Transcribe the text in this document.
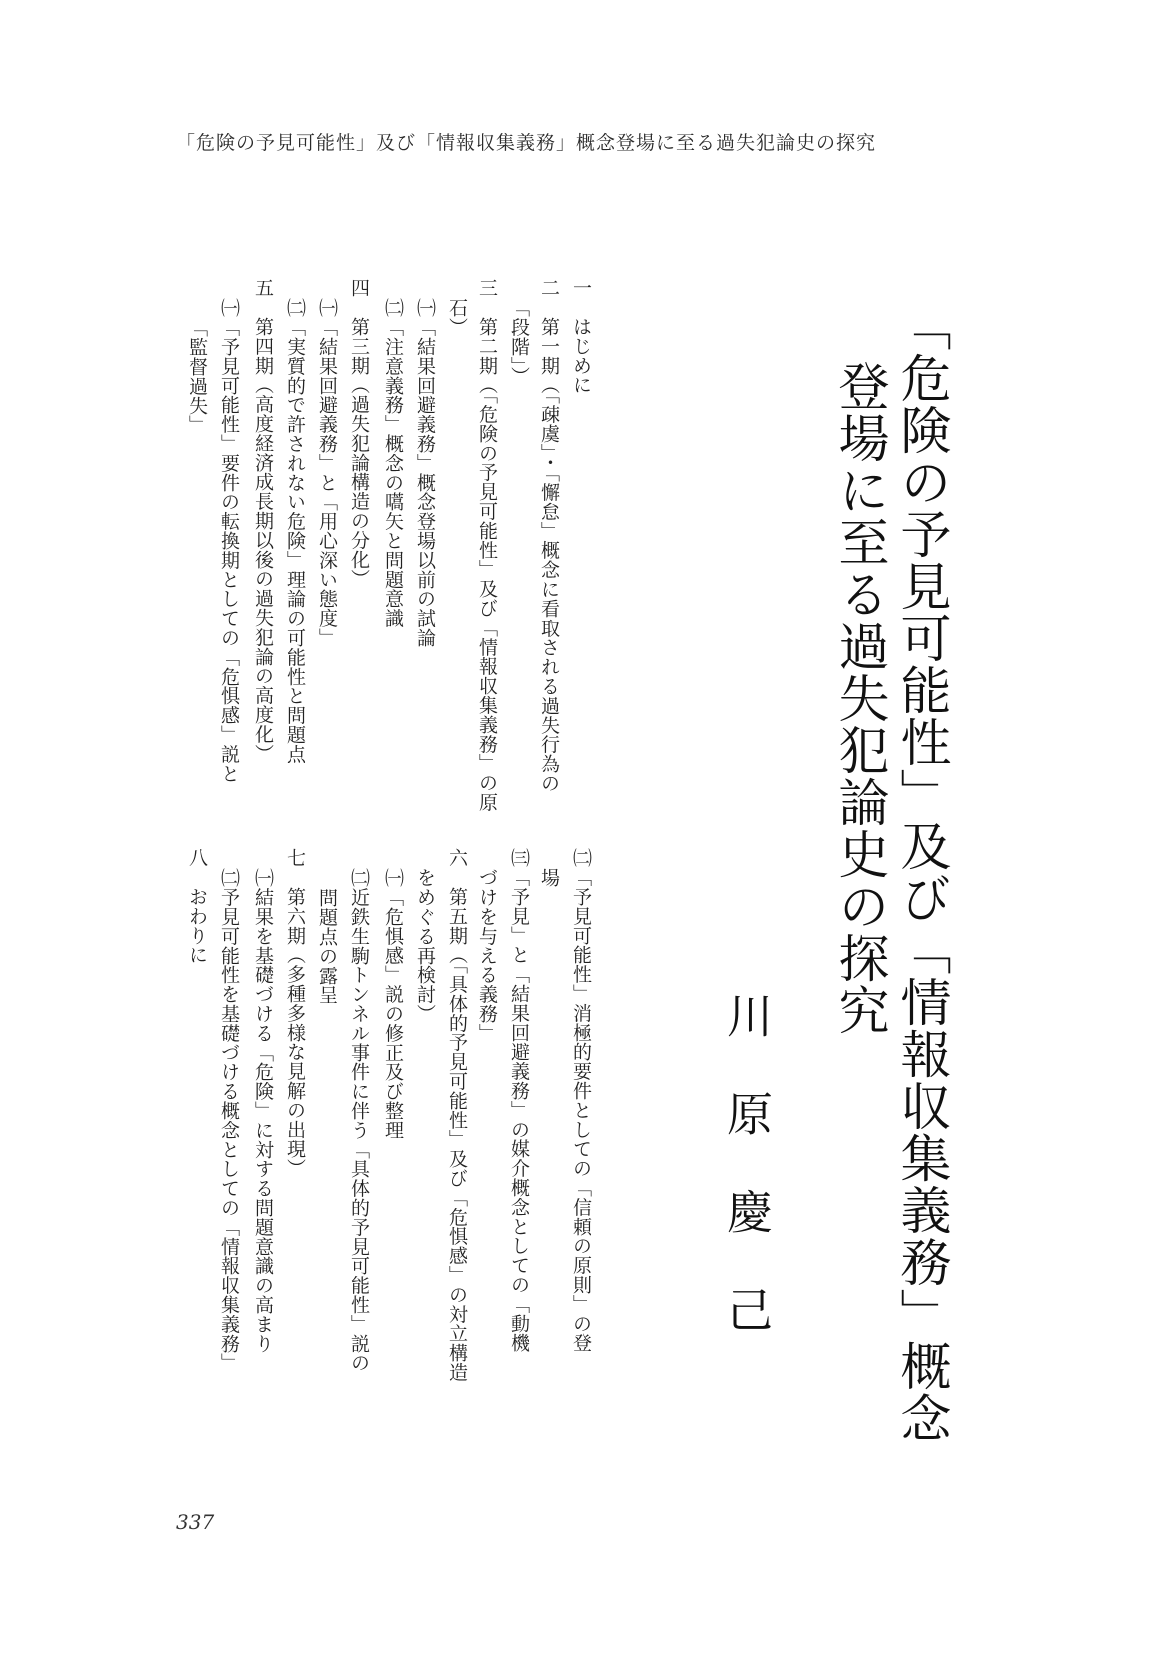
「危険の予見可能性」及び「情報収集義務」概念登場に至る過失犯論史の探究
「危険の予見可能性」及び「情報収集義務」概念
登場に至る過失犯論史の探究
川原慶己
一　はじめに
二　第一期（「疎虞」・「懈怠」概念に看取される過失行為の
「段階」）
三　第二期（「危険の予見可能性」及び「情報収集義務」の原
石）
㈠「結果回避義務」概念登場以前の試論
㈡「注意義務」概念の嚆矢と問題意識
四　第三期（過失犯論構造の分化）
㈠「結果回避義務」と「用心深い態度」
㈡「実質的で許されない危険」理論の可能性と問題点
五　第四期（高度経済成長期以後の過失犯論の高度化）
㈠「予見可能性」要件の転換期としての「危惧感」説と
「監督過失」
㈡「予見可能性」消極的要件としての「信頼の原則」の登
場
㈢「予見」と「結果回避義務」の媒介概念としての「動機
づけを与える義務」
六　第五期（「具体的予見可能性」及び「危惧感」の対立構造
をめぐる再検討）
㈠「危惧感」説の修正及び整理
㈡近鉄生駒トンネル事件に伴う「具体的予見可能性」説の
問題点の露呈
七　第六期（多種多様な見解の出現）
㈠結果を基礎づける「危険」に対する問題意識の高まり
㈡予見可能性を基礎づける概念としての「情報収集義務」
八　おわりに
337
